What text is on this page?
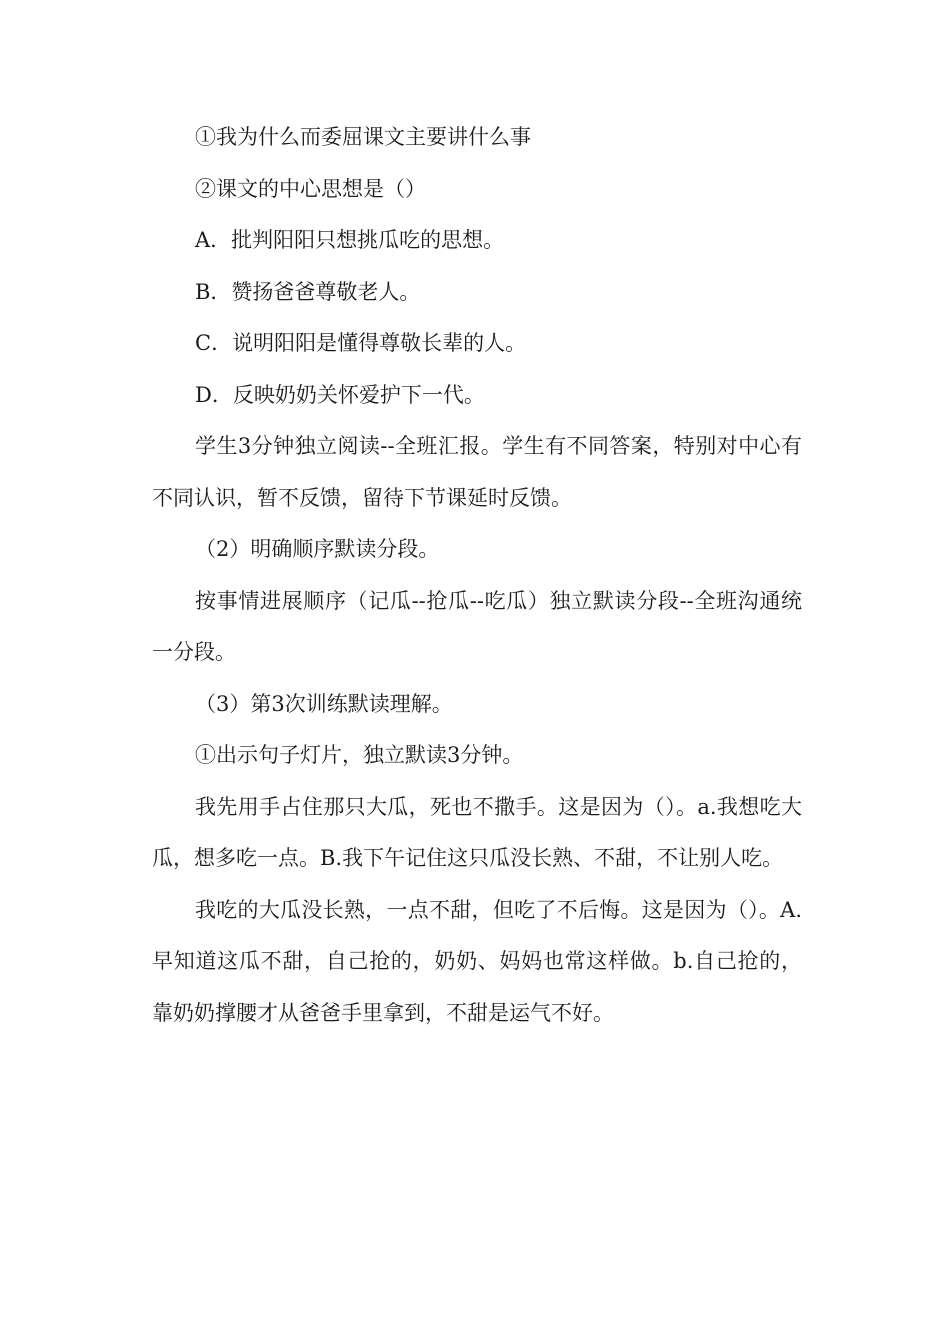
①我为什么而委屈课文主要讲什么事

②课文的中心思想是（）

A．批判阳阳只想挑瓜吃的思想。

B．赞扬爸爸尊敬老人。

C．说明阳阳是懂得尊敬长辈的人。

D．反映奶奶关怀爱护下一代。

学生3分钟独立阅读--全班汇报。学生有不同答案，特别对中心有不同认识，暂不反馈，留待下节课延时反馈。

（2）明确顺序默读分段。

按事情进展顺序（记瓜--抢瓜--吃瓜）独立默读分段--全班沟通统一分段。

（3）第3次训练默读理解。

①出示句子灯片，独立默读3分钟。

我先用手占住那只大瓜，死也不撒手。这是因为（）。a.我想吃大瓜，想多吃一点。B.我下午记住这只瓜没长熟、不甜，不让别人吃。

我吃的大瓜没长熟，一点不甜，但吃了不后悔。这是因为（）。A.早知道这瓜不甜，自己抢的，奶奶、妈妈也常这样做。b.自己抢的，靠奶奶撑腰才从爸爸手里拿到，不甜是运气不好。
